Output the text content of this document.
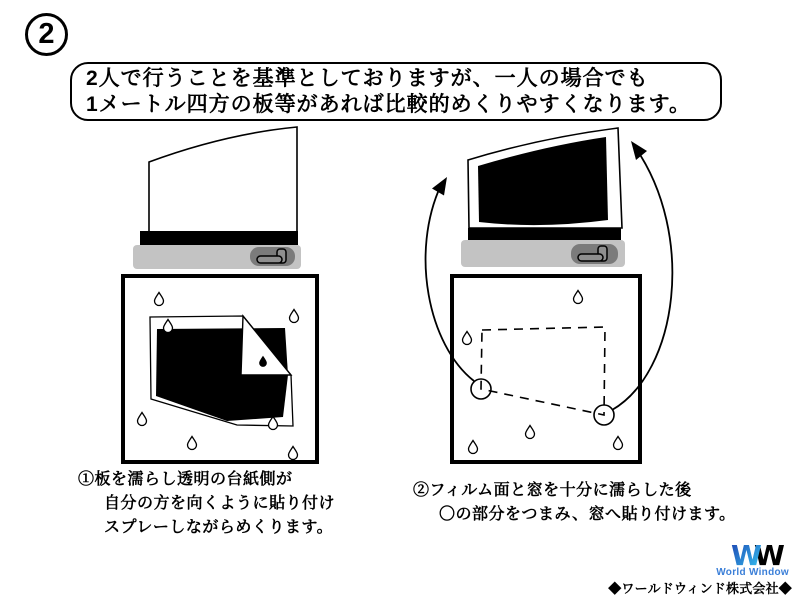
2
2人で行うことを基準としておりますが、一人の場合でも
1メートル四方の板等があれば比較的めくりやすくなります。
W
W
①板を濡らし透明の台紙側が
自分の方を向くように貼り付け
スプレーしながらめくります。
②フィルム面と窓を十分に濡らした後
〇の部分をつまみ、窓へ貼り付けます。
World Window
◆ワールドウィンド株式会社◆
